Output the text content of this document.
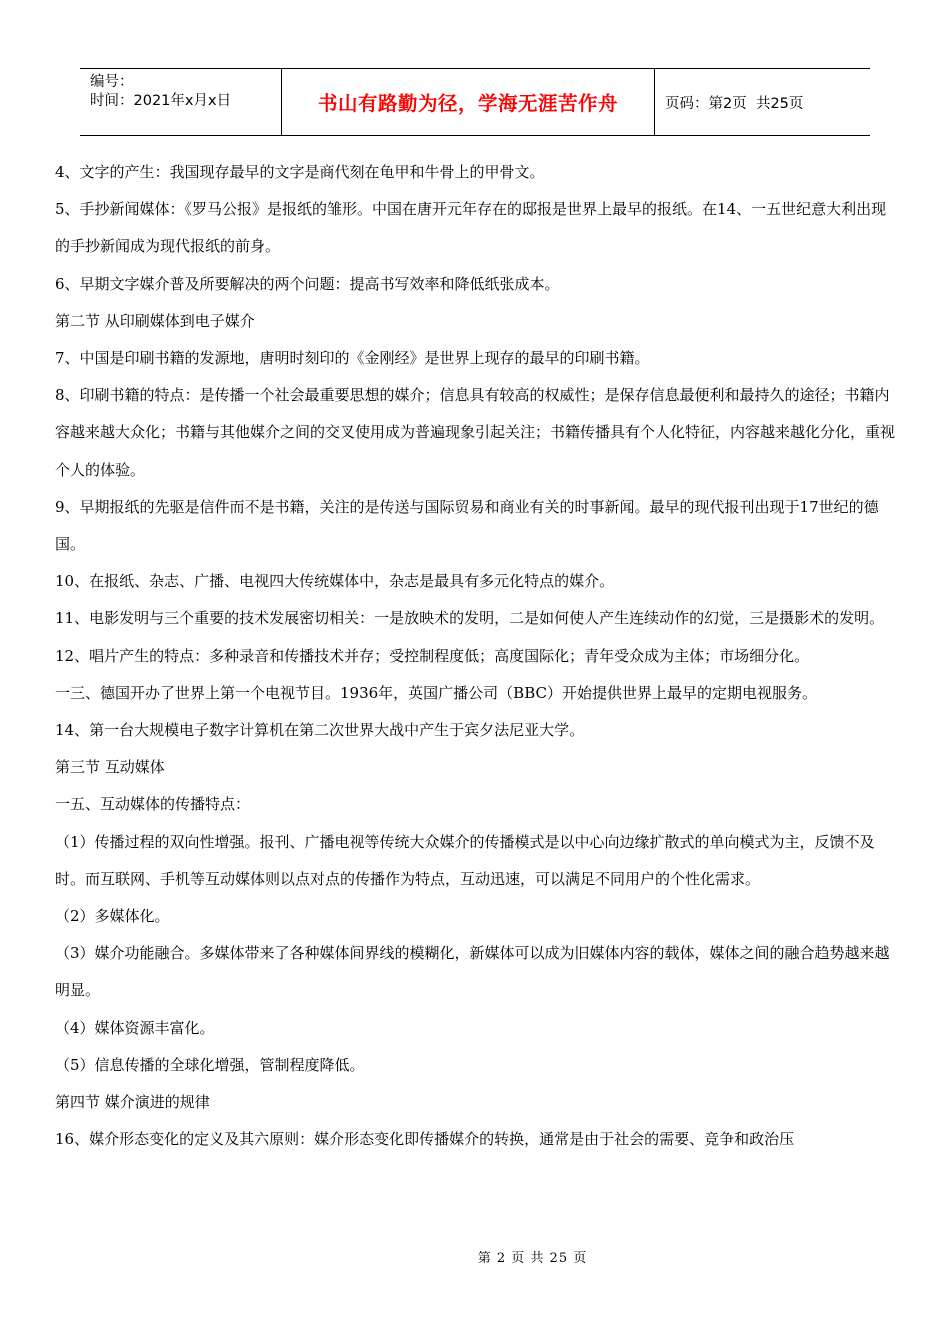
编号：
时间：2021年x月x日	书山有路勤为径，学海无涯苦作舟	页码：第2页  共25页

4、文字的产生：我国现存最早的文字是商代刻在龟甲和牛骨上的甲骨文。

5、手抄新闻媒体：《罗马公报》是报纸的雏形。中国在唐开元年存在的邸报是世界上最早的报纸。在14、一五世纪意大利出现的手抄新闻成为现代报纸的前身。

6、早期文字媒介普及所要解决的两个问题：提高书写效率和降低纸张成本。

第二节 从印刷媒体到电子媒介

7、中国是印刷书籍的发源地，唐明时刻印的《金刚经》是世界上现存的最早的印刷书籍。

8、印刷书籍的特点：是传播一个社会最重要思想的媒介；信息具有较高的权威性；是保存信息最便利和最持久的途径；书籍内容越来越大众化；书籍与其他媒介之间的交叉使用成为普遍现象引起关注；书籍传播具有个人化特征，内容越来越化分化，重视个人的体验。

9、早期报纸的先驱是信件而不是书籍，关注的是传送与国际贸易和商业有关的时事新闻。最早的现代报刊出现于17世纪的德国。

10、在报纸、杂志、广播、电视四大传统媒体中，杂志是最具有多元化特点的媒介。

11、电影发明与三个重要的技术发展密切相关：一是放映术的发明，二是如何使人产生连续动作的幻觉，三是摄影术的发明。

12、唱片产生的特点：多种录音和传播技术并存；受控制程度低；高度国际化；青年受众成为主体；市场细分化。

一三、德国开办了世界上第一个电视节目。1936年，英国广播公司（BBC）开始提供世界上最早的定期电视服务。

14、第一台大规模电子数字计算机在第二次世界大战中产生于宾夕法尼亚大学。

第三节 互动媒体

一五、互动媒体的传播特点：

（1）传播过程的双向性增强。报刊、广播电视等传统大众媒介的传播模式是以中心向边缘扩散式的单向模式为主，反馈不及时。而互联网、手机等互动媒体则以点对点的传播作为特点，互动迅速，可以满足不同用户的个性化需求。

（2）多媒体化。

（3）媒介功能融合。多媒体带来了各种媒体间界线的模糊化，新媒体可以成为旧媒体内容的载体，媒体之间的融合趋势越来越明显。

（4）媒体资源丰富化。

（5）信息传播的全球化增强，管制程度降低。

第四节 媒介演进的规律

16、媒介形态变化的定义及其六原则：媒介形态变化即传播媒介的转换，通常是由于社会的需要、竞争和政治压

第 2 页 共 25 页
